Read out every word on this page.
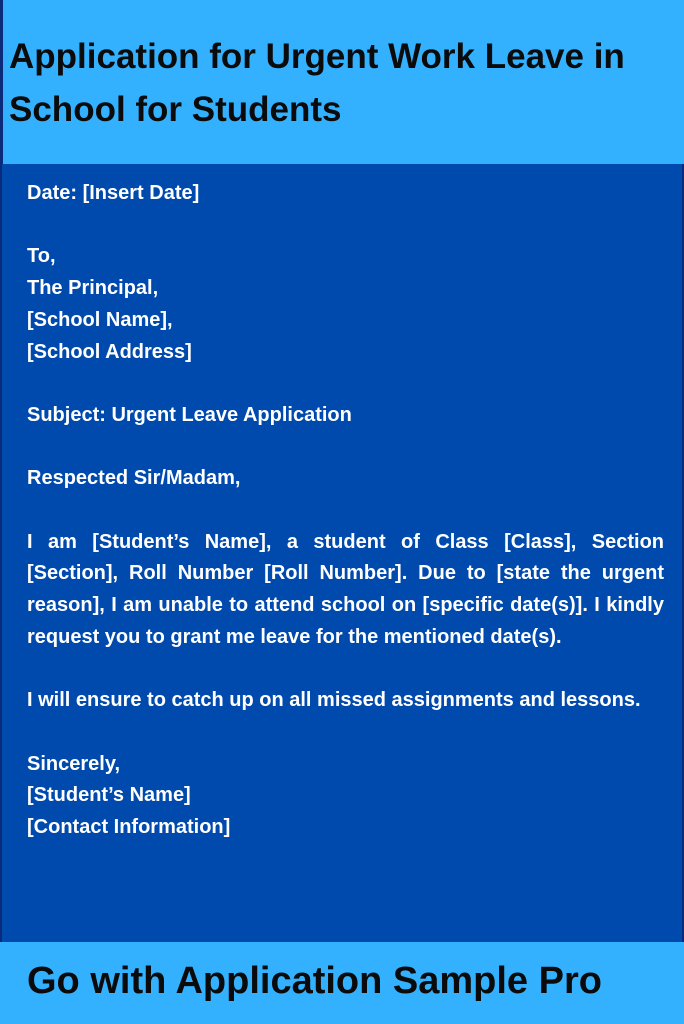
Application for Urgent Work Leave in School for Students

Date: [Insert Date]

To,

The Principal,

[School Name],

[School Address]

Subject: Urgent Leave Application

Respected Sir/Madam,

I am [Student’s Name], a student of Class [Class], Section [Section], Roll Number [Roll Number]. Due to [state the urgent reason], I am unable to attend school on [specific date(s)]. I kindly request you to grant me leave for the mentioned date(s).

I will ensure to catch up on all missed assignments and lessons.

Sincerely,

[Student’s Name]

[Contact Information]

Go with Application Sample Pro
